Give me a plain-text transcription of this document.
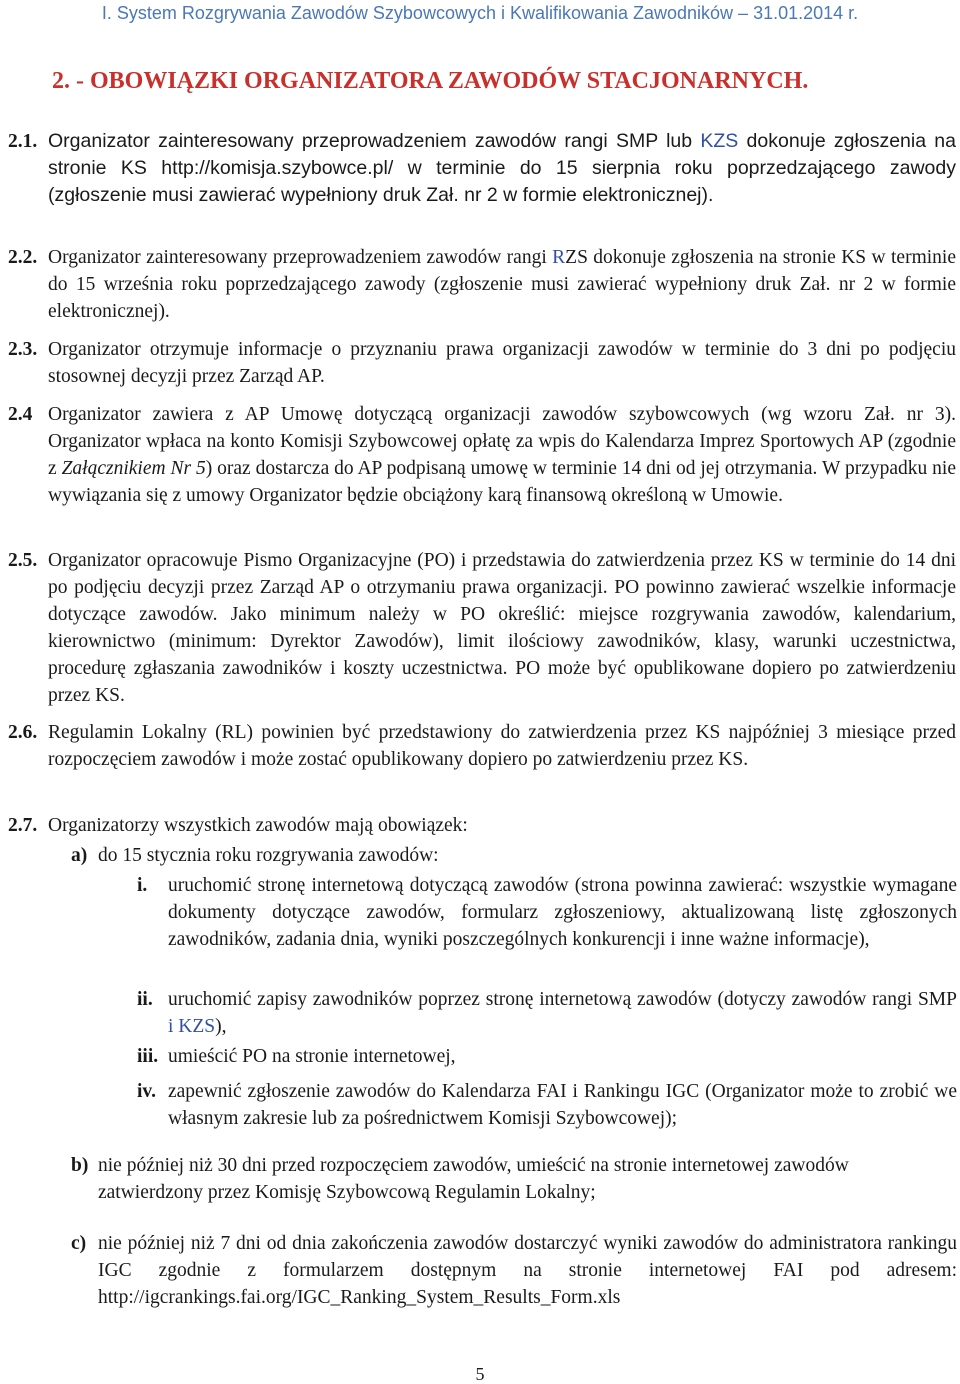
I. System Rozgrywania Zawodów Szybowcowych i Kwalifikowania Zawodników – 31.01.2014 r.
2. - OBOWIĄZKI ORGANIZATORA ZAWODÓW STACJONARNYCH.
2.1. Organizator zainteresowany przeprowadzeniem zawodów rangi SMP lub KZS dokonuje zgłoszenia na stronie KS http://komisja.szybowce.pl/ w terminie do 15 sierpnia roku poprzedzającego zawody (zgłoszenie musi zawierać wypełniony druk Zał. nr 2 w formie elektronicznej).
2.2. Organizator zainteresowany przeprowadzeniem zawodów rangi RZS dokonuje zgłoszenia na stronie KS w terminie do 15 września roku poprzedzającego zawody (zgłoszenie musi zawierać wypełniony druk Zał. nr 2 w formie elektronicznej).
2.3. Organizator otrzymuje informacje o przyznaniu prawa organizacji zawodów w terminie do 3 dni po podjęciu stosownej decyzji przez Zarząd AP.
2.4 Organizator zawiera z AP Umowę dotyczącą organizacji zawodów szybowcowych (wg wzoru Zał. nr 3). Organizator wpłaca na konto Komisji Szybowcowej opłatę za wpis do Kalendarza Imprez Sportowych AP (zgodnie z Załącznikiem Nr 5) oraz dostarcza do AP podpisaną umowę w terminie 14 dni od jej otrzymania. W przypadku nie wywiązania się z umowy Organizator będzie obciążony karą finansową określoną w Umowie.
2.5. Organizator opracowuje Pismo Organizacyjne (PO) i przedstawia do zatwierdzenia przez KS w terminie do 14 dni po podjęciu decyzji przez Zarząd AP o otrzymaniu prawa organizacji. PO powinno zawierać wszelkie informacje dotyczące zawodów. Jako minimum należy w PO określić: miejsce rozgrywania zawodów, kalendarium, kierownictwo (minimum: Dyrektor Zawodów), limit ilościowy zawodników, klasy, warunki uczestnictwa, procedurę zgłaszania zawodników i koszty uczestnictwa. PO może być opublikowane dopiero po zatwierdzeniu przez KS.
2.6. Regulamin Lokalny (RL) powinien być przedstawiony do zatwierdzenia przez KS najpóźniej 3 miesiące przed rozpoczęciem zawodów i może zostać opublikowany dopiero po zatwierdzeniu przez KS.
2.7. Organizatorzy wszystkich zawodów mają obowiązek:
a) do 15 stycznia roku rozgrywania zawodów:
i. uruchomić stronę internetową dotyczącą zawodów (strona powinna zawierać: wszystkie wymagane dokumenty dotyczące zawodów, formularz zgłoszeniowy, aktualizowaną listę zgłoszonych zawodników, zadania dnia, wyniki poszczególnych konkurencji i inne ważne informacje),
ii. uruchomić zapisy zawodników poprzez stronę internetową zawodów (dotyczy zawodów rangi SMP i KZS),
iii. umieścić PO na stronie internetowej,
iv. zapewnić zgłoszenie zawodów do Kalendarza FAI i Rankingu IGC (Organizator może to zrobić we własnym zakresie lub za pośrednictwem Komisji Szybowcowej);
b) nie później niż 30 dni przed rozpoczęciem zawodów, umieścić na stronie internetowej zawodów zatwierdzony przez Komisję Szybowcową Regulamin Lokalny;
c) nie później niż 7 dni od dnia zakończenia zawodów dostarczyć wyniki zawodów do administratora rankingu IGC zgodnie z formularzem dostępnym na stronie internetowej FAI pod adresem: http://igcrankings.fai.org/IGC_Ranking_System_Results_Form.xls
5
